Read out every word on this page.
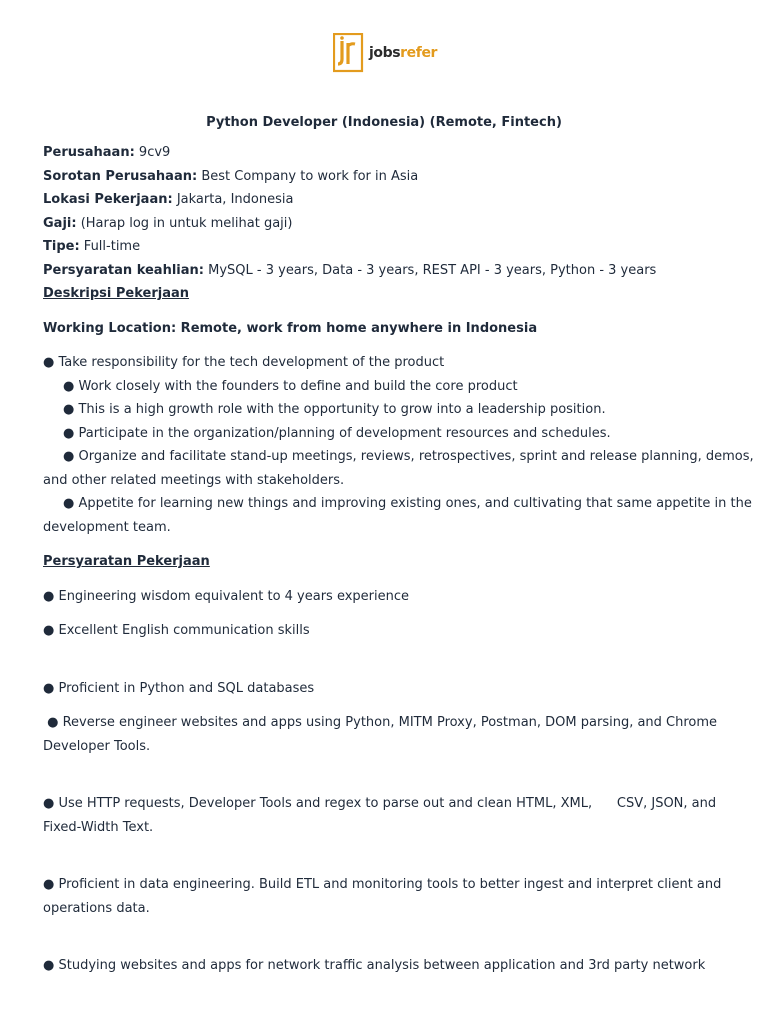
jobsrefer
Python Developer (Indonesia) (Remote, Fintech)

Perusahaan: 9cv9

Sorotan Perusahaan: Best Company to work for in Asia

Lokasi Pekerjaan: Jakarta, Indonesia

Gaji: (Harap log in untuk melihat gaji)

Tipe: Full-time

Persyaratan keahlian: MySQL - 3 years, Data - 3 years, REST API - 3 years, Python - 3 years

Deskripsi Pekerjaan

Working Location: Remote, work from home anywhere in Indonesia

● Take responsibility for the tech development of the product

● Work closely with the founders to define and build the core product

● This is a high growth role with the opportunity to grow into a leadership position.

● Participate in the organization/planning of development resources and schedules.

● Organize and facilitate stand-up meetings, reviews, retrospectives, sprint and release planning, demos,

and other related meetings with stakeholders.

● Appetite for learning new things and improving existing ones, and cultivating that same appetite in the

development team.

Persyaratan Pekerjaan

● Engineering wisdom equivalent to 4 years experience

● Excellent English communication skills

● Proficient in Python and SQL databases

● Reverse engineer websites and apps using Python, MITM Proxy, Postman, DOM parsing, and Chrome

Developer Tools.

● Use HTTP requests, Developer Tools and regex to parse out and clean HTML, XML,      CSV, JSON, and

Fixed-Width Text.

● Proficient in data engineering. Build ETL and monitoring tools to better ingest and interpret client and

operations data.

● Studying websites and apps for network traffic analysis between application and 3rd party network
